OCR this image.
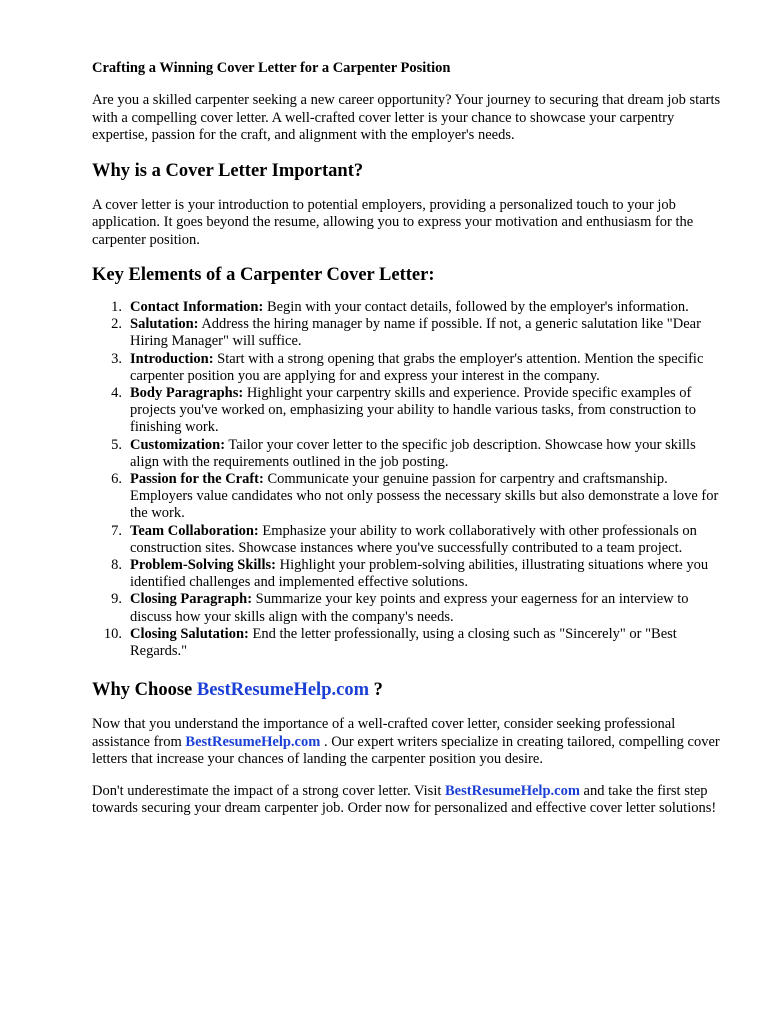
Crafting a Winning Cover Letter for a Carpenter Position

Are you a skilled carpenter seeking a new career opportunity? Your journey to securing that dream job starts with a compelling cover letter. A well-crafted cover letter is your chance to showcase your carpentry expertise, passion for the craft, and alignment with the employer's needs.

Why is a Cover Letter Important?

A cover letter is your introduction to potential employers, providing a personalized touch to your job application. It goes beyond the resume, allowing you to express your motivation and enthusiasm for the carpenter position.

Key Elements of a Carpenter Cover Letter:
1. Contact Information: Begin with your contact details, followed by the employer's information.
2. Salutation: Address the hiring manager by name if possible. If not, a generic salutation like "Dear Hiring Manager" will suffice.
3. Introduction: Start with a strong opening that grabs the employer's attention. Mention the specific carpenter position you are applying for and express your interest in the company.
4. Body Paragraphs: Highlight your carpentry skills and experience. Provide specific examples of projects you've worked on, emphasizing your ability to handle various tasks, from construction to finishing work.
5. Customization: Tailor your cover letter to the specific job description. Showcase how your skills align with the requirements outlined in the job posting.
6. Passion for the Craft: Communicate your genuine passion for carpentry and craftsmanship. Employers value candidates who not only possess the necessary skills but also demonstrate a love for the work.
7. Team Collaboration: Emphasize your ability to work collaboratively with other professionals on construction sites. Showcase instances where you've successfully contributed to a team project.
8. Problem-Solving Skills: Highlight your problem-solving abilities, illustrating situations where you identified challenges and implemented effective solutions.
9. Closing Paragraph: Summarize your key points and express your eagerness for an interview to discuss how your skills align with the company's needs.
10. Closing Salutation: End the letter professionally, using a closing such as "Sincerely" or "Best Regards."
Why Choose BestResumeHelp.com ?

Now that you understand the importance of a well-crafted cover letter, consider seeking professional assistance from BestResumeHelp.com . Our expert writers specialize in creating tailored, compelling cover letters that increase your chances of landing the carpenter position you desire.

Don't underestimate the impact of a strong cover letter. Visit BestResumeHelp.com and take the first step towards securing your dream carpenter job. Order now for personalized and effective cover letter solutions!
